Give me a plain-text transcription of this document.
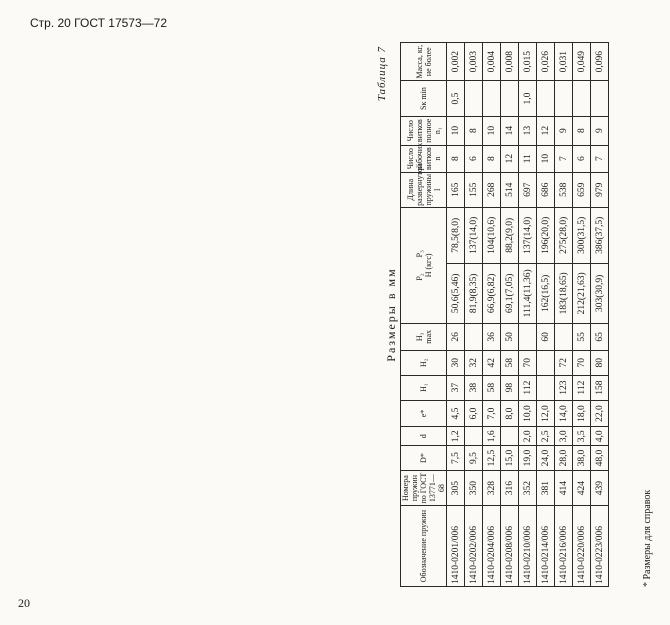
Стр. 20 ГОСТ 17573—72
Таблица 7
Размеры в мм
Обозначение пружин	Номера пружин по ГОСТ 13771—68	D*	d	e*	H₁	H₂	H₃ max	P₂        P₃ Н (кгс)		Длина развернутой пружины l	Число рабочих витков n	Число витков полное n₁	Sк min	Масса, кг, не более
1410-0201/006	305	7,5	1,2	4,5	37	30	26	50,6(5,46)	78,5(8,0)	165	8	10	0,5	0,002
1410-0202/006	350	9,5		6,0	38	32		81,9(8,35)	137(14,0)	155	6	8		0,003
1410-0204/006	328	12,5	1,6	7,0	58	42	36	66,9(6,82)	104(10,6)	268	8	10		0,004
1410-0208/006	316	15,0		8,0	98	58	50	69,1(7,05)	88,2(9,0)	514	12	14		0,008
1410-0210/006	352	19,0	2,0	10,0	112	70		111,4(11,36)	137(14,0)	697	11	13	1,0	0,015
1410-0214/006	381	24,0	2,5	12,0			60	162(16,5)	196(20,0)	686	10	12		0,026
1410-0216/006	414	28,0	3,0	14,0	123	72		183(18,65)	275(28,0)	538	7	9		0,031
1410-0220/006	424	38,0	3,5	18,0	112	70	55	212(21,63)	300(31,5)	659	6	8		0,049
1410-0223/006	439	48,0	4,0	22,0	158	80	65	303(30,9)	386(37,5)	979	7	9		0,096
* Размеры для справок
20
